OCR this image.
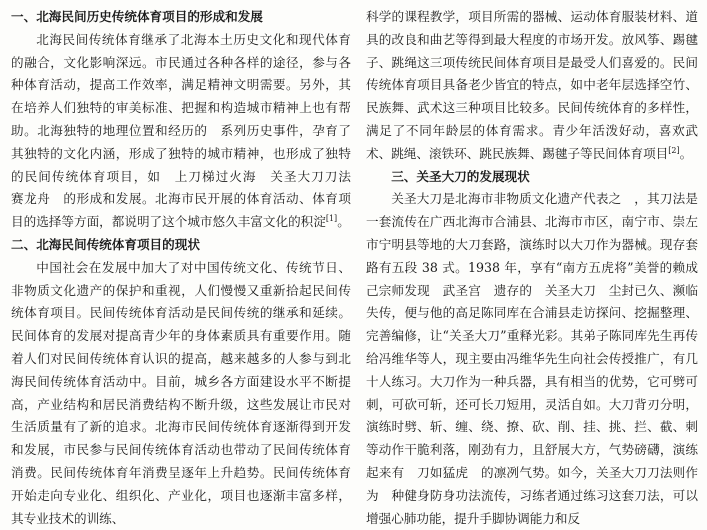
一、北海民间历史传统体育项目的形成和发展

北海民间传统体育继承了北海本土历史文化和现代体育的融合，文化影响深远。市民通过各种各样的途径，参与各种体育活动，提高工作效率，满足精神文明需要。另外，其在培养人们独特的审美标准、把握和构造城市精神上也有帮助。北海独特的地理位置和经历的　系列历史事件，孕育了其独特的文化内涵，形成了独特的城市精神，也形成了独特的民间传统体育项目，如　上刀梯过火海　关圣大刀刀法　赛龙舟　的形成和发展。北海市民开展的体育活动、体育项目的选择等方面，都说明了这个城市悠久丰富文化的积淀[1]。

二、北海民间传统体育项目的现状

中国社会在发展中加大了对中国传统文化、传统节日、非物质文化遗产的保护和重视，人们慢慢又重新拾起民间传统体育项目。民间传统体育活动是民间传统的继承和延续。民间体育的发展对提高青少年的身体素质具有重要作用。随着人们对民间传统体育认识的提高，越来越多的人参与到北海民间传统体育活动中。目前，城乡各方面建设水平不断提高，产业结构和居民消费结构不断升级，这些发展让市民对生活质量有了新的追求。北海市民间传统体育逐渐得到开发和发展，市民参与民间传统体育活动也带动了民间传统体育消费。民间传统体育年消费呈逐年上升趋势。民间传统体育开始走向专业化、组织化、产业化，项目也逐渐丰富多样，其专业技术的训练、

科学的课程教学，项目所需的器械、运动体育服装材料、道具的改良和曲艺等得到最大程度的市场开发。放风筝、踢毽子、跳绳这三项传统民间体育项目是最受人们喜爱的。民间传统体育项目具备老少皆宜的特点，如中老年层选择空竹、民族舞、武术这三种项目比较多。民间传统体育的多样性，满足了不同年龄层的体育需求。青少年活泼好动，喜欢武术、跳绳、滚铁环、跳民族舞、踢毽子等民间体育项目[2]。

三、关圣大刀的发展现状

关圣大刀是北海市非物质文化遗产代表之　，其刀法是一套流传在广西北海市合浦县、北海市市区，南宁市、崇左市宁明县等地的大刀套路，演练时以大刀作为器械。现存套路有五段 38 式。1938 年，享有“南方五虎将”美誉的赖成己宗师发现　武圣宫　遗存的　关圣大刀　尘封已久、濒临失传，便与他的高足陈同库在合浦县走访探问、挖掘整理、完善编修，让“关圣大刀”重释光彩。其弟子陈同库先生再传给冯维华等人，现主要由冯维华先生向社会传授推广，有几十人练习。大刀作为一种兵器，具有相当的优势，它可劈可刺，可砍可斩，还可长刀短用，灵活自如。大刀背刃分明，演练时劈、斩、缠、绕、撩、砍、削、挂、挑、拦、截、刺等动作干脆利落，刚劲有力，且舒展大方，气势磅礴，演练起来有　刀如猛虎　的凛冽气势。如今，关圣大刀刀法则作为　种健身防身功法流传，习练者通过练习这套刀法，可以增强心肺功能，提升手脚协调能力和反
